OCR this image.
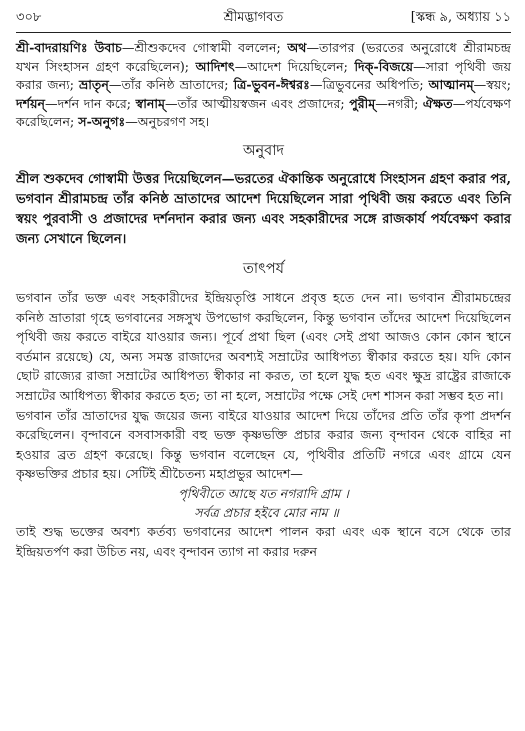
৩০৮	শ্রীমদ্ভাগবত	[স্কন্ধ ৯, অধ্যায় ১১

শ্রী-বাদরায়ণিঃ উবাচ—শ্রীশুকদেব গোস্বামী বললেন; অথ—তারপর (ভরতের অনুরোধে শ্রীরামচন্দ্র যখন সিংহাসন গ্রহণ করেছিলেন); আদিশৎ—আদেশ দিয়েছিলেন; দিক্-বিজয়ে—সারা পৃথিবী জয় করার জন্য; ভ্রাতৃন্—তাঁর কনিষ্ঠ ভ্রাতাদের; ত্রি-ভুবন-ঈশ্বরঃ—ত্রিভুবনের অধিপতি; আত্মানম্—স্বয়ং; দর্শয়ন্—দর্শন দান করে; স্বানাম্—তাঁর আত্মীয়স্বজন এবং প্রজাদের; পুরীম্—নগরী; ঐক্ষত—পর্যবেক্ষণ করেছিলেন; স-অনুগঃ—অনুচরগণ সহ।

অনুবাদ

শ্রীল শুকদেব গোস্বামী উত্তর দিয়েছিলেন—ভরতের ঐকান্তিক অনুরোধে সিংহাসন গ্রহণ করার পর, ভগবান শ্রীরামচন্দ্র তাঁর কনিষ্ঠ ভ্রাতাদের আদেশ দিয়েছিলেন সারা পৃথিবী জয় করতে এবং তিনি স্বয়ং পুরবাসী ও প্রজাদের দর্শনদান করার জন্য এবং সহকারীদের সঙ্গে রাজকার্য পর্যবেক্ষণ করার জন্য সেখানে ছিলেন।

তাৎপর্য

ভগবান তাঁর ভক্ত এবং সহকারীদের ইন্দ্রিয়তৃপ্তি সাধনে প্রবৃত্ত হতে দেন না। ভগবান শ্রীরামচন্দ্রের কনিষ্ঠ ভ্রাতারা গৃহে ভগবানের সঙ্গসুখ উপভোগ করছিলেন, কিন্তু ভগবান তাঁদের আদেশ দিয়েছিলেন পৃথিবী জয় করতে বাইরে যাওয়ার জন্য। পূর্বে প্রথা ছিল (এবং সেই প্রথা আজও কোন কোন স্থানে বর্তমান রয়েছে) যে, অন্য সমস্ত রাজাদের অবশ্যই সম্রাটের আধিপত্য স্বীকার করতে হয়। যদি কোন ছোট রাজ্যের রাজা সম্রাটের আধিপত্য স্বীকার না করত, তা হলে যুদ্ধ হত এবং ক্ষুদ্র রাষ্ট্রের রাজাকে সম্রাটের আধিপত্য স্বীকার করতে হত; তা না হলে, সম্রাটের পক্ষে সেই দেশ শাসন করা সম্ভব হত না।

ভগবান তাঁর ভ্রাতাদের যুদ্ধ জয়ের জন্য বাইরে যাওয়ার আদেশ দিয়ে তাঁদের প্রতি তাঁর কৃপা প্রদর্শন করেছিলেন। বৃন্দাবনে বসবাসকারী বহু ভক্ত কৃষ্ণভক্তি প্রচার করার জন্য বৃন্দাবন থেকে বাহির না হওয়ার ব্রত গ্রহণ করেছে। কিন্তু ভগবান বলেছেন যে, পৃথিবীর প্রতিটি নগরে এবং গ্রামে যেন কৃষ্ণভক্তির প্রচার হয়। সেটিই শ্রীচৈতন্য মহাপ্রভুর আদেশ—

পৃথিবীতে আছে যত নগরাদি গ্রাম ।
সর্বত্র প্রচার হইবে মোর নাম ॥

তাই শুদ্ধ ভক্তের অবশ্য কর্তব্য ভগবানের আদেশ পালন করা এবং এক স্থানে বসে থেকে তার ইন্দ্রিয়তর্পণ করা উচিত নয়, এবং বৃন্দাবন ত্যাগ না করার দরুন
